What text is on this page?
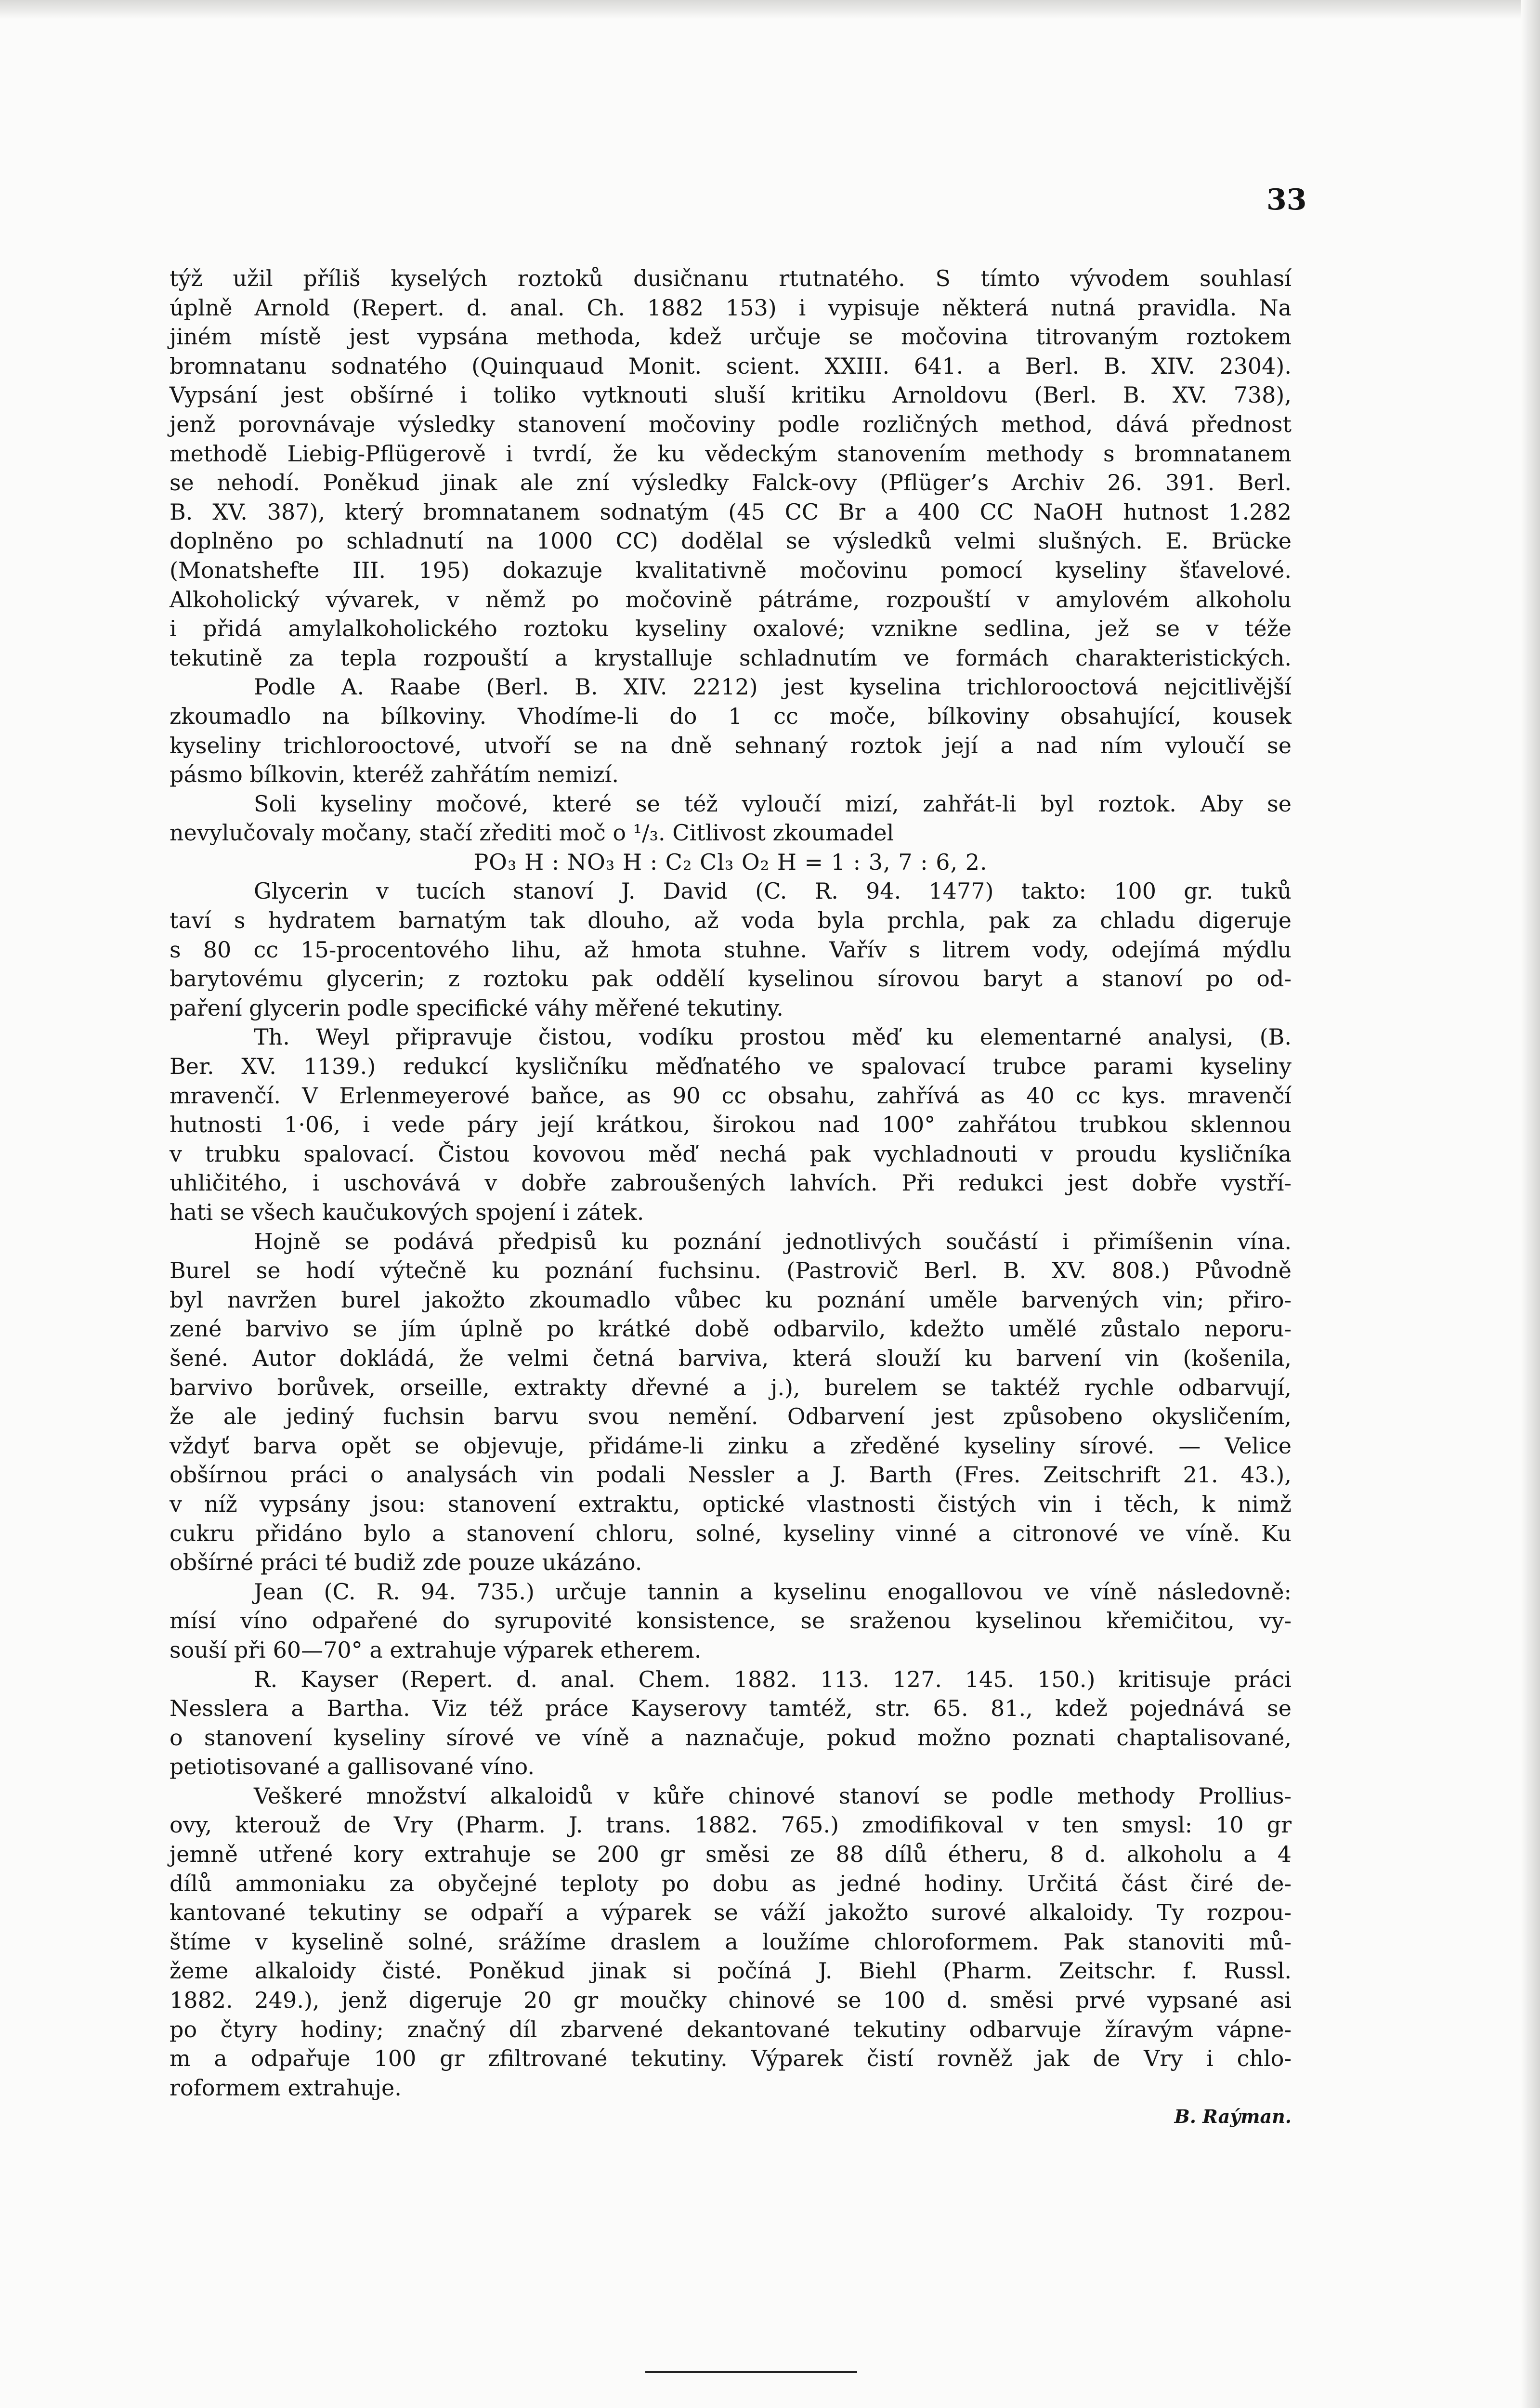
33

týž užil příliš kyselých roztoků dusičnanu rtutnatého. S tímto vývodem souhlasí
úplně Arnold (Repert. d. anal. Ch. 1882 153) i vypisuje některá nutná pravidla. Na
jiném místě jest vypsána methoda, kdež určuje se močovina titrovaným roztokem
bromnatanu sodnatého (Quinquaud Monit. scient. XXIII. 641. a Berl. B. XIV. 2304).
Vypsání jest obšírné i toliko vytknouti sluší kritiku Arnoldovu (Berl. B. XV. 738),
jenž porovnávaje výsledky stanovení močoviny podle rozličných method, dává přednost
methodě Liebig-Pflügerově i tvrdí, že ku vědeckým stanovením methody s bromnatanem
se nehodí. Poněkud jinak ale zní výsledky Falck-ovy (Pflüger’s Archiv 26. 391. Berl.
B. XV. 387), který bromnatanem sodnatým (45 CC Br a 400 CC NaOH hutnost 1.282
doplněno po schladnutí na 1000 CC) dodělal se výsledků velmi slušných. E. Brücke
(Monatshefte III. 195) dokazuje kvalitativně močovinu pomocí kyseliny šťavelové.
Alkoholický vývarek, v němž po močovině pátráme, rozpouští v amylovém alkoholu
i přidá amylalkoholického roztoku kyseliny oxalové; vznikne sedlina, jež se v téže
tekutině za tepla rozpouští a krystalluje schladnutím ve formách charakteristických.

Podle A. Raabe (Berl. B. XIV. 2212) jest kyselina trichlorooctová nejcitlivější
zkoumadlo na bílkoviny. Vhodíme-li do 1 cc moče, bílkoviny obsahující, kousek
kyseliny trichlorooctové, utvoří se na dně sehnaný roztok její a nad ním vyloučí se
pásmo bílkovin, kteréž zahřátím nemizí.

Soli kyseliny močové, které se též vyloučí mizí, zahřát-li byl roztok. Aby se
nevylučovaly močany, stačí zřediti moč o ¹/₃. Citlivost zkoumadel
PO₃ H : NO₃ H : C₂ Cl₃ O₂ H = 1 : 3, 7 : 6, 2.

Glycerin v tucích stanoví J. David (C. R. 94. 1477) takto: 100 gr. tuků
taví s hydratem barnatým tak dlouho, až voda byla prchla, pak za chladu digeruje
s 80 cc 15-procentového lihu, až hmota stuhne. Vařív s litrem vody, odejímá mýdlu
barytovému glycerin; z roztoku pak oddělí kyselinou sírovou baryt a stanoví po od-
paření glycerin podle specifické váhy měřené tekutiny.

Th. Weyl připravuje čistou, vodíku prostou měď ku elementarné analysi, (B.
Ber. XV. 1139.) redukcí kysličníku měďnatého ve spalovací trubce parami kyseliny
mravenčí. V Erlenmeyerové baňce, as 90 cc obsahu, zahřívá as 40 cc kys. mravenčí
hutnosti 1·06, i vede páry její krátkou, širokou nad 100° zahřátou trubkou sklennou
v trubku spalovací. Čistou kovovou měď nechá pak vychladnouti v proudu kysličníka
uhličitého, i uschovává v dobře zabroušených lahvích. Při redukci jest dobře vystří-
hati se všech kaučukových spojení i zátek.

Hojně se podává předpisů ku poznání jednotlivých součástí i přimíšenin vína.
Burel se hodí výtečně ku poznání fuchsinu. (Pastrovič Berl. B. XV. 808.) Původně
byl navržen burel jakožto zkoumadlo vůbec ku poznání uměle barvených vin; přiro-
zené barvivo se jím úplně po krátké době odbarvilo, kdežto umělé zůstalo neporu-
šené. Autor dokládá, že velmi četná barviva, která slouží ku barvení vin (košenila,
barvivo borůvek, orseille, extrakty dřevné a j.), burelem se taktéž rychle odbarvují,
že ale jediný fuchsin barvu svou nemění. Odbarvení jest způsobeno okysličením,
vždyť barva opět se objevuje, přidáme-li zinku a zředěné kyseliny sírové. — Velice
obšírnou práci o analysách vin podali Nessler a J. Barth (Fres. Zeitschrift 21. 43.),
v níž vypsány jsou: stanovení extraktu, optické vlastnosti čistých vin i těch, k nimž
cukru přidáno bylo a stanovení chloru, solné, kyseliny vinné a citronové ve víně. Ku
obšírné práci té budiž zde pouze ukázáno.

Jean (C. R. 94. 735.) určuje tannin a kyselinu enogallovou ve víně následovně:
mísí víno odpařené do syrupovité konsistence, se sraženou kyselinou křemičitou, vy-
souší při 60—70° a extrahuje výparek etherem.

R. Kayser (Repert. d. anal. Chem. 1882. 113. 127. 145. 150.) kritisuje práci
Nesslera a Bartha. Viz též práce Kayserovy tamtéž, str. 65. 81., kdež pojednává se
o stanovení kyseliny sírové ve víně a naznačuje, pokud možno poznati chaptalisované,
petiotisované a gallisované víno.

Veškeré množství alkaloidů v kůře chinové stanoví se podle methody Prollius-
ovy, kterouž de Vry (Pharm. J. trans. 1882. 765.) zmodifikoval v ten smysl: 10 gr
jemně utřené kory extrahuje se 200 gr směsi ze 88 dílů étheru, 8 d. alkoholu a 4
dílů ammoniaku za obyčejné teploty po dobu as jedné hodiny. Určitá část čiré de-
kantované tekutiny se odpaří a výparek se váží jakožto surové alkaloidy. Ty rozpou-
štíme v kyselině solné, srážíme draslem a loužíme chloroformem. Pak stanoviti mů-
žeme alkaloidy čisté. Poněkud jinak si počíná J. Biehl (Pharm. Zeitschr. f. Russl.
1882. 249.), jenž digeruje 20 gr moučky chinové se 100 d. směsi prvé vypsané asi
po čtyry hodiny; značný díl zbarvené dekantované tekutiny odbarvuje žíravým vápne-
m a odpařuje 100 gr zfiltrované tekutiny. Výparek čistí rovněž jak de Vry i chlo-
roformem extrahuje.

B. Raýman.
